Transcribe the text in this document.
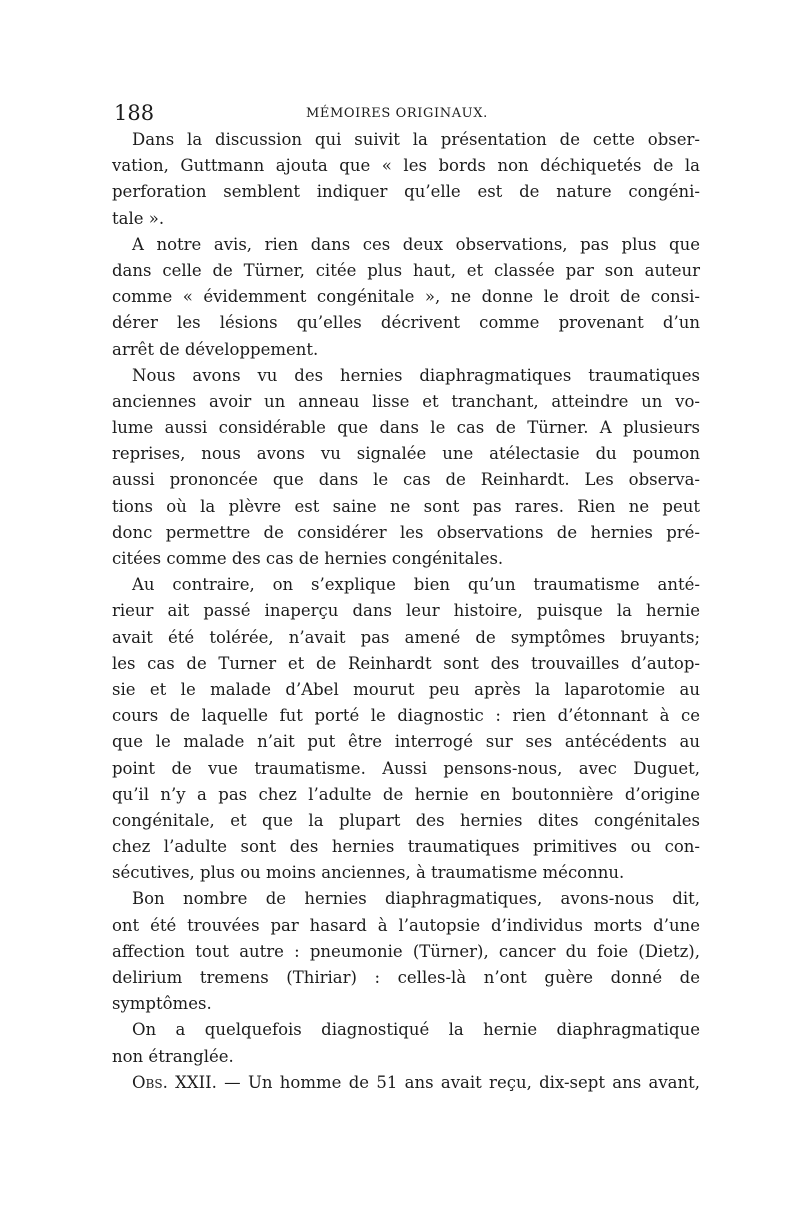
188	MÉMOIRES ORIGINAUX.
Dans la discussion qui suivit la présentation de cette obser-
vation, Guttmann ajouta que « les bords non déchiquetés de la
perforation semblent indiquer qu’elle est de nature congéni-
tale ».
A notre avis, rien dans ces deux observations, pas plus que
dans celle de Türner, citée plus haut, et classée par son auteur
comme « évidemment congénitale », ne donne le droit de consi-
dérer les lésions qu’elles décrivent comme provenant d’un
arrêt de développement.
Nous avons vu des hernies diaphragmatiques traumatiques
anciennes avoir un anneau lisse et tranchant, atteindre un vo-
lume aussi considérable que dans le cas de Türner. A plusieurs
reprises, nous avons vu signalée une atélectasie du poumon
aussi prononcée que dans le cas de Reinhardt. Les observa-
tions où la plèvre est saine ne sont pas rares. Rien ne peut
donc permettre de considérer les observations de hernies pré-
citées comme des cas de hernies congénitales.
Au contraire, on s’explique bien qu’un traumatisme anté-
rieur ait passé inaperçu dans leur histoire, puisque la hernie
avait été tolérée, n’avait pas amené de symptômes bruyants;
les cas de Turner et de Reinhardt sont des trouvailles d’autop-
sie et le malade d’Abel mourut peu après la laparotomie au
cours de laquelle fut porté le diagnostic : rien d’étonnant à ce
que le malade n’ait put être interrogé sur ses antécédents au
point de vue traumatisme. Aussi pensons-nous, avec Duguet,
qu’il n’y a pas chez l’adulte de hernie en boutonnière d’origine
congénitale, et que la plupart des hernies dites congénitales
chez l’adulte sont des hernies traumatiques primitives ou con-
sécutives, plus ou moins anciennes, à traumatisme méconnu.
Bon nombre de hernies diaphragmatiques, avons-nous dit,
ont été trouvées par hasard à l’autopsie d’individus morts d’une
affection tout autre : pneumonie (Türner), cancer du foie (Dietz),
delirium tremens (Thiriar) : celles-là n’ont guère donné de
symptômes.
On a quelquefois diagnostiqué la hernie diaphragmatique
non étranglée.
Obs. XXII. — Un homme de 51 ans avait reçu, dix-sept ans avant,
